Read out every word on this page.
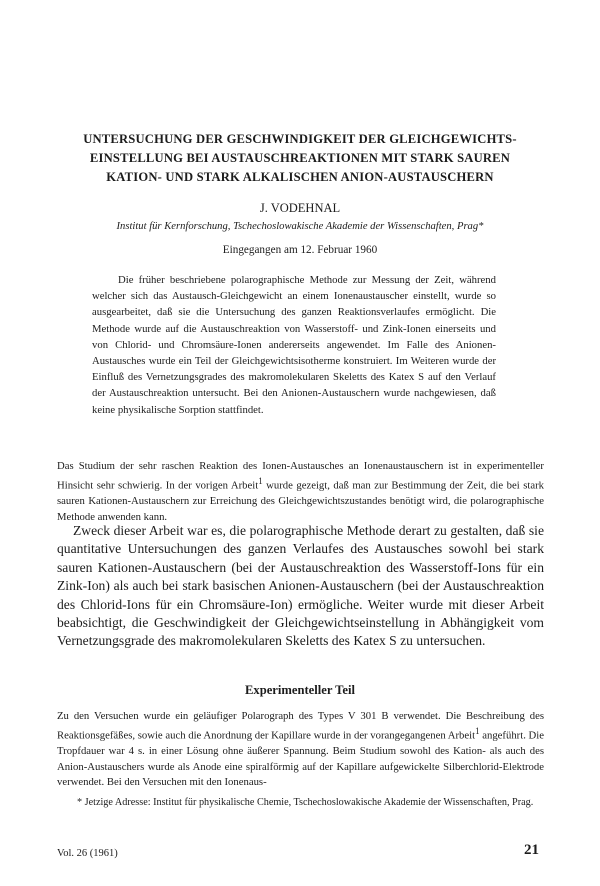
UNTERSUCHUNG DER GESCHWINDIGKEIT DER GLEICHGEWICHTS-
EINSTELLUNG BEI AUSTAUSCHREAKTIONEN MIT STARK SAUREN
KATION- UND STARK ALKALISCHEN ANION-AUSTAUSCHERN
J. VODEHNAL
Institut für Kernforschung, Tschechoslowakische Akademie der Wissenschaften, Prag*
Eingegangen am 12. Februar 1960

Die früher beschriebene polarographische Methode zur Messung der Zeit, während welcher sich das Austausch-Gleichgewicht an einem Ionenaustauscher einstellt, wurde so ausgearbeitet, daß sie die Untersuchung des ganzen Reaktionsverlaufes ermöglicht. Die Methode wurde auf die Austauschreaktion von Wasserstoff- und Zink-Ionen einerseits und von Chlorid- und Chromsäure-Ionen andererseits angewendet. Im Falle des Anionen-Austausches wurde ein Teil der Gleichgewichtsisotherme konstruiert. Im Weiteren wurde der Einfluß des Vernetzungsgrades des makromolekularen Skeletts des Katex S auf den Verlauf der Austauschreaktion untersucht. Bei den Anionen-Austauschern wurde nachgewiesen, daß keine physikalische Sorption stattfindet.

Das Studium der sehr raschen Reaktion des Ionen-Austausches an Ionenaustauschern ist in experimenteller Hinsicht sehr schwierig. In der vorigen Arbeit$^1$ wurde gezeigt, daß man zur Bestimmung der Zeit, die bei stark sauren Kationen-Austauschern zur Erreichung des Gleichgewichtszustandes benötigt wird, die polarographische Methode anwenden kann.

Zweck dieser Arbeit war es, die polarographische Methode derart zu gestalten, daß sie quantitative Untersuchungen des ganzen Verlaufes des Austausches sowohl bei stark sauren Kationen-Austauschern (bei der Austauschreaktion des Wasserstoff-Ions für ein Zink-Ion) als auch bei stark basischen Anionen-Austauschern (bei der Austauschreaktion des Chlorid-Ions für ein Chromsäure-Ion) ermögliche. Weiter wurde mit dieser Arbeit beabsichtigt, die Geschwindigkeit der Gleichgewichtseinstellung in Abhängigkeit vom Vernetzungsgrade des makromolekularen Skeletts des Katex S zu untersuchen.

Experimenteller Teil

Zu den Versuchen wurde ein geläufiger Polarograph des Types V 301 B verwendet. Die Beschreibung des Reaktionsgefäßes, sowie auch die Anordnung der Kapillare wurde in der vorangegangenen Arbeit$^1$ angeführt. Die Tropfdauer war 4 s. in einer Lösung ohne äußerer Spannung. Beim Studium sowohl des Kation- als auch des Anion-Austauschers wurde als Anode eine spiralförmig auf der Kapillare aufgewickelte Silberchlorid-Elektrode verwendet. Bei den Versuchen mit den Ionenaus-

* Jetzige Adresse: Institut für physikalische Chemie, Tschechoslowakische Akademie der Wissenschaften, Prag.

Vol. 26 (1961)	21
